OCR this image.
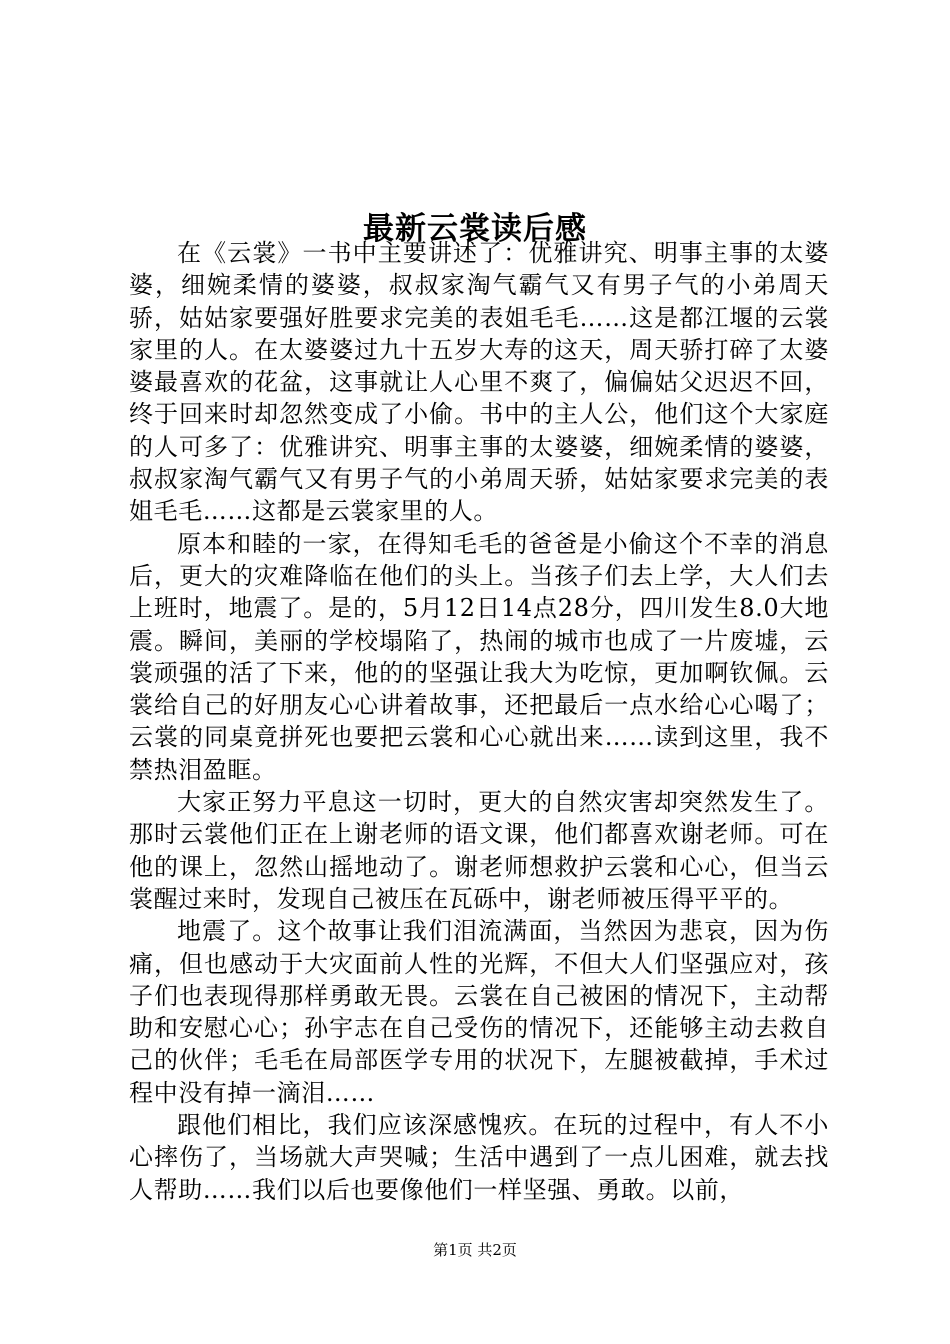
最新云裳读后感

在《云裳》一书中主要讲述了：优雅讲究、明事主事的太婆婆，细婉柔情的婆婆，叔叔家淘气霸气又有男子气的小弟周天骄，姑姑家要强好胜要求完美的表姐毛毛……这是都江堰的云裳家里的人。在太婆婆过九十五岁大寿的这天，周天骄打碎了太婆婆最喜欢的花盆，这事就让人心里不爽了，偏偏姑父迟迟不回，终于回来时却忽然变成了小偷。书中的主人公，他们这个大家庭的人可多了：优雅讲究、明事主事的太婆婆，细婉柔情的婆婆，叔叔家淘气霸气又有男子气的小弟周天骄，姑姑家要求完美的表姐毛毛……这都是云裳家里的人。

原本和睦的一家，在得知毛毛的爸爸是小偷这个不幸的消息后，更大的灾难降临在他们的头上。当孩子们去上学，大人们去上班时，地震了。是的，5月12日14点28分，四川发生8.0大地震。瞬间，美丽的学校塌陷了，热闹的城市也成了一片废墟，云裳顽强的活了下来，他的的坚强让我大为吃惊，更加啊钦佩。云裳给自己的好朋友心心讲着故事，还把最后一点水给心心喝了；云裳的同桌竟拼死也要把云裳和心心就出来……读到这里，我不禁热泪盈眶。

大家正努力平息这一切时，更大的自然灾害却突然发生了。那时云裳他们正在上谢老师的语文课，他们都喜欢谢老师。可在他的课上，忽然山摇地动了。谢老师想救护云裳和心心，但当云裳醒过来时，发现自己被压在瓦砾中，谢老师被压得平平的。

地震了。这个故事让我们泪流满面，当然因为悲哀，因为伤痛，但也感动于大灾面前人性的光辉，不但大人们坚强应对，孩子们也表现得那样勇敢无畏。云裳在自己被困的情况下，主动帮助和安慰心心；孙宇志在自己受伤的情况下，还能够主动去救自己的伙伴；毛毛在局部医学专用的状况下，左腿被截掉，手术过程中没有掉一滴泪……

跟他们相比，我们应该深感愧疚。在玩的过程中，有人不小心摔伤了，当场就大声哭喊；生活中遇到了一点儿困难，就去找人帮助……我们以后也要像他们一样坚强、勇敢。以前，

第1页 共2页
